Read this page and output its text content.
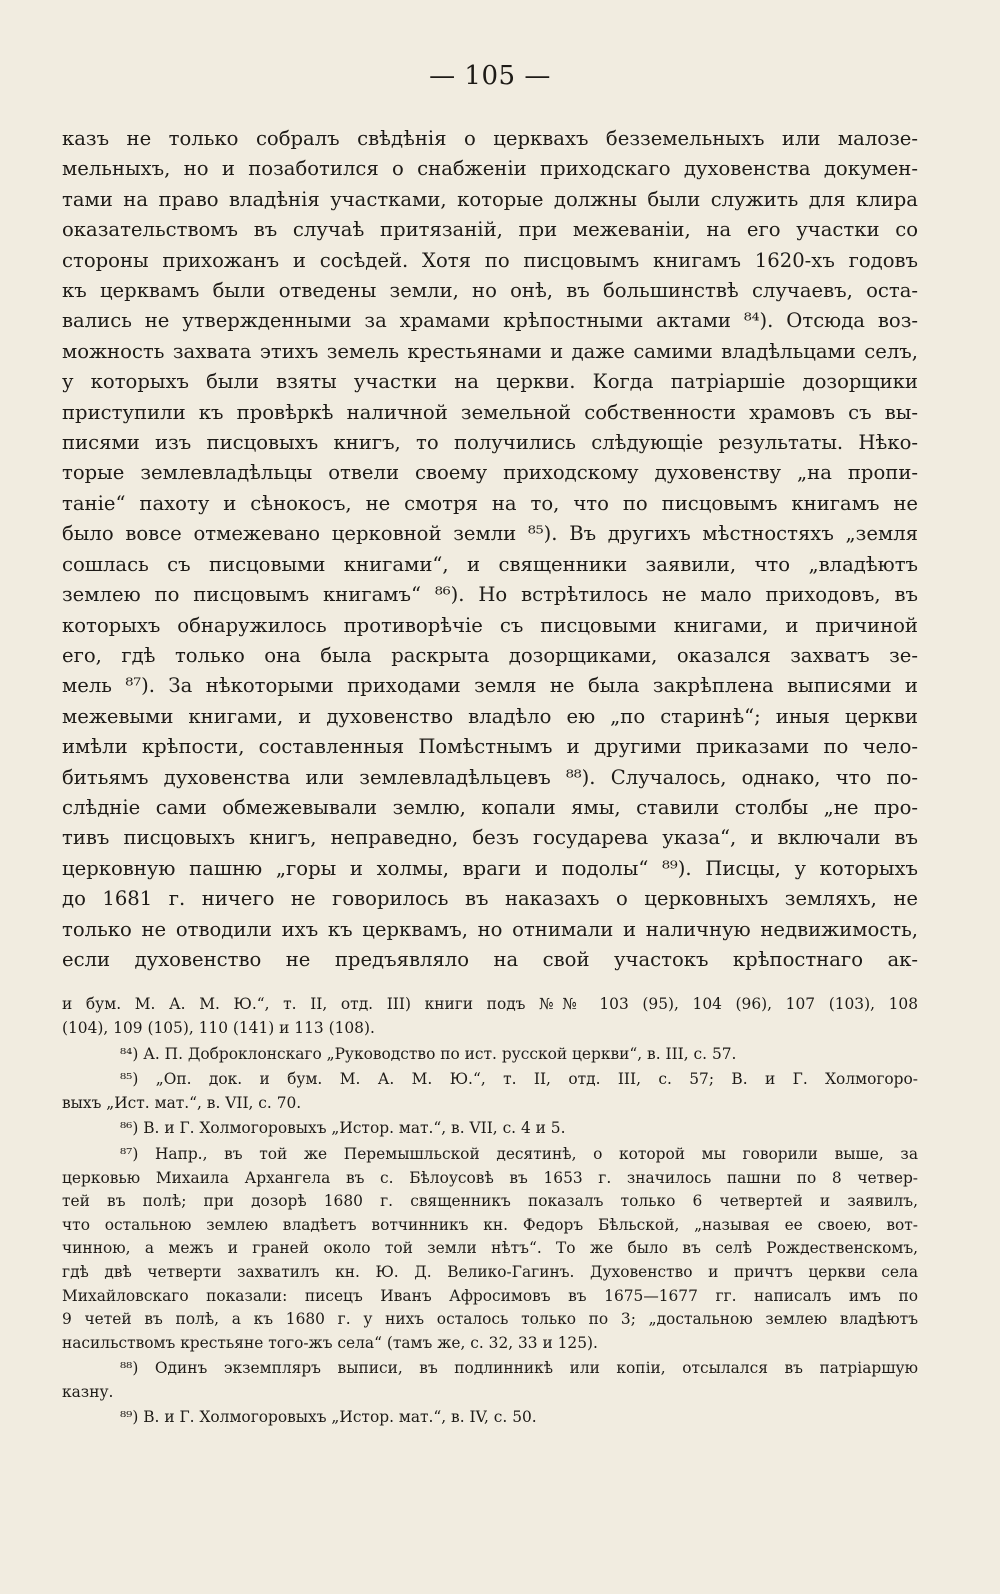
— 105 —

казъ не только собралъ свѣдѣнія о церквахъ безземельныхъ или малозе-

мельныхъ, но и позаботился о снабженіи приходскаго духовенства докумен-

тами на право владѣнія участками, которые должны были служить для клира

оказательствомъ въ случаѣ притязаній, при межеваніи, на его участки со

стороны прихожанъ и сосѣдей. Хотя по писцовымъ книгамъ 1620-хъ годовъ

къ церквамъ были отведены земли, но онѣ, въ большинствѣ случаевъ, оста-

вались не утвержденными за храмами крѣпостными актами ⁸⁴). Отсюда воз-

можность захвата этихъ земель крестьянами и даже самими владѣльцами селъ,

у которыхъ были взяты участки на церкви. Когда патріаршіе дозорщики

приступили къ провѣркѣ наличной земельной собственности храмовъ съ вы-

писями изъ писцовыхъ книгъ, то получились слѣдующіе результаты. Нѣко-

торые землевладѣльцы отвели своему приходскому духовенству „на пропи-

таніе“ пахоту и сѣнокосъ, не смотря на то, что по писцовымъ книгамъ не

было вовсе отмежевано церковной земли ⁸⁵). Въ другихъ мѣстностяхъ „земля

сошлась съ писцовыми книгами“, и священники заявили, что „владѣютъ

землею по писцовымъ книгамъ“ ⁸⁶). Но встрѣтилось не мало приходовъ, въ

которыхъ обнаружилось противорѣчіе съ писцовыми книгами, и причиной

его, гдѣ только она была раскрыта дозорщиками, оказался захватъ зе-

мель ⁸⁷). За нѣкоторыми приходами земля не была закрѣплена выписями и

межевыми книгами, и духовенство владѣло ею „по старинѣ“; иныя церкви

имѣли крѣпости, составленныя Помѣстнымъ и другими приказами по чело-

битьямъ духовенства или землевладѣльцевъ ⁸⁸). Случалось, однако, что по-

слѣдніе сами обмежевывали землю, копали ямы, ставили столбы „не про-

тивъ писцовыхъ книгъ, неправедно, безъ государева указа“, и включали въ

церковную пашню „горы и холмы, враги и подолы“ ⁸⁹). Писцы, у которыхъ

до 1681 г. ничего не говорилось въ наказахъ о церковныхъ земляхъ, не

только не отводили ихъ къ церквамъ, но отнимали и наличную недвижимость,

если духовенство не предъявляло на свой участокъ крѣпостнаго ак-

и бум. М. А. М. Ю.“, т. II, отд. III) книги подъ №№ 103 (95), 104 (96), 107 (103), 108
(104), 109 (105), 110 (141) и 113 (108).
⁸⁴) А. П. Доброклонскаго „Руководство по ист. русской церкви“, в. III, с. 57.
⁸⁵) „Оп. док. и бум. М. А. М. Ю.“, т. II, отд. III, с. 57; В. и Г. Холмогоро-
выхъ „Ист. мат.“, в. VII, с. 70.
⁸⁶) В. и Г. Холмогоровыхъ „Истор. мат.“, в. VII, с. 4 и 5.
⁸⁷) Напр., въ той же Перемышльской десятинѣ, о которой мы говорили выше, за
церковью Михаила Архангела въ с. Бѣлоусовѣ въ 1653 г. значилось пашни по 8 четвер-
тей въ полѣ; при дозорѣ 1680 г. священникъ показалъ только 6 четвертей и заявилъ,
что остальною землею владѣетъ вотчинникъ кн. Федоръ Бѣльской, „называя ее своею, вот-
чинною, а межъ и граней около той земли нѣтъ“. То же было въ селѣ Рождественскомъ,
гдѣ двѣ четверти захватилъ кн. Ю. Д. Велико-Гагинъ. Духовенство и причтъ церкви села
Михайловскаго показали: писецъ Иванъ Афросимовъ въ 1675—1677 гг. написалъ имъ по
9 четей въ полѣ, а къ 1680 г. у нихъ осталось только по 3; „достальною землею владѣютъ
насильствомъ крестьяне того-жъ села“ (тамъ же, с. 32, 33 и 125).
⁸⁸) Одинъ экземпляръ выписи, въ подлинникѣ или копіи, отсылался въ патріаршую
казну.
⁸⁹) В. и Г. Холмогоровыхъ „Истор. мат.“, в. IV, с. 50.
